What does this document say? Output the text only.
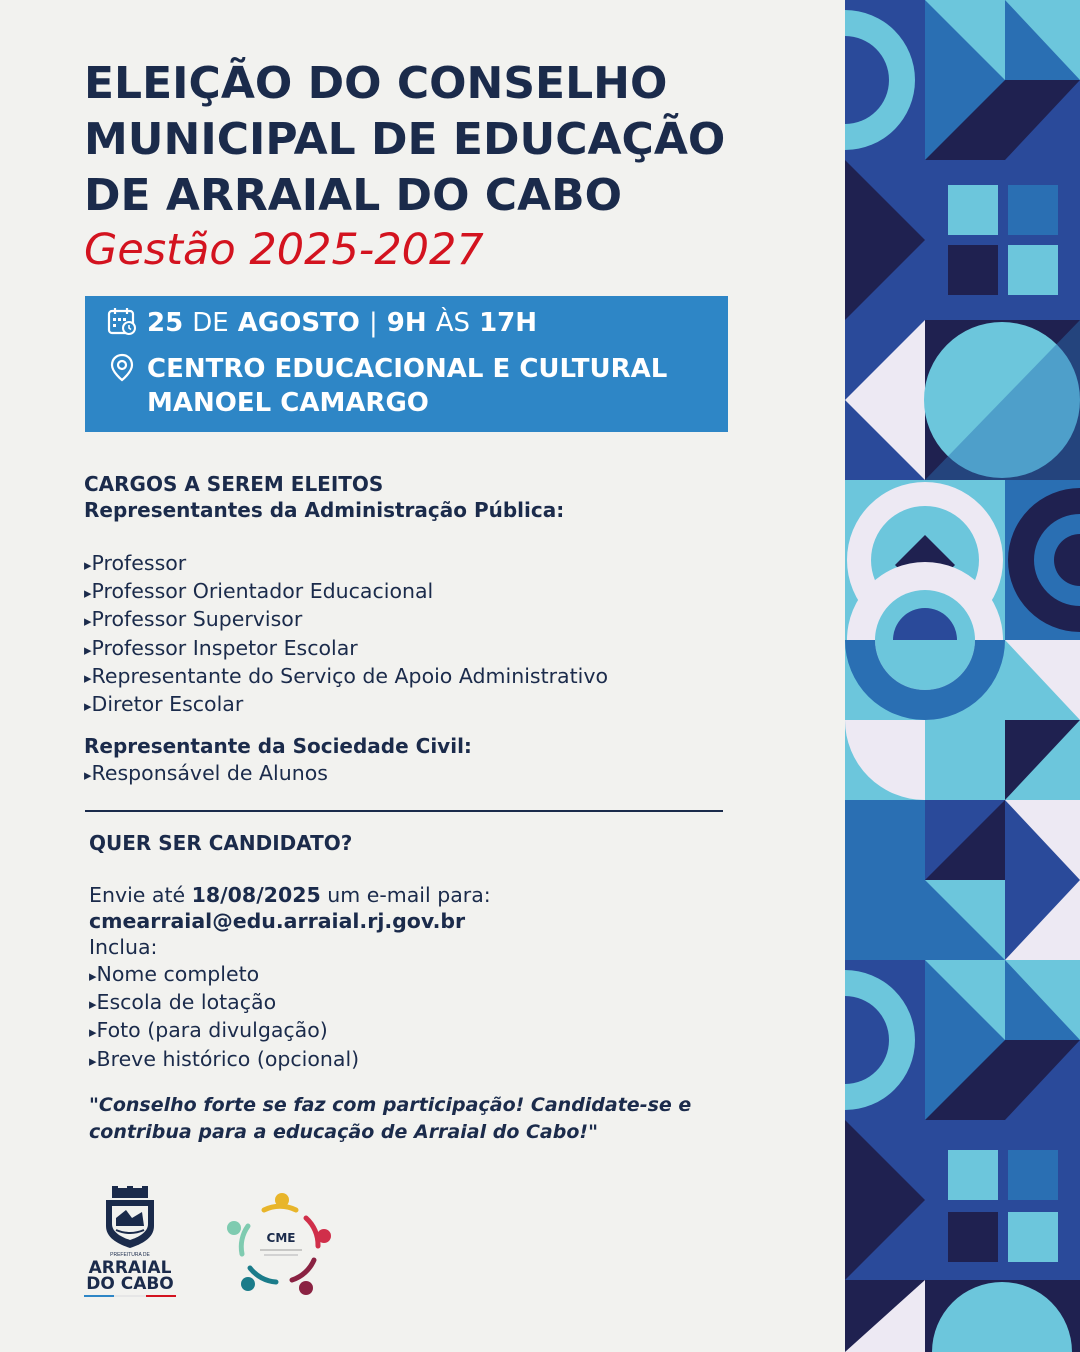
ELEIÇÃO DO CONSELHO

MUNICIPAL DE EDUCAÇÃO

DE ARRAIAL DO CABO

Gestão 2025-2027

25 DE AGOSTO | 9H ÀS 17H
CENTRO EDUCACIONAL E CULTURAL
MANOEL CAMARGO
CARGOS A SEREM ELEITOS
Representantes da Administração Pública:
▸ Professor
▸ Professor Orientador Educacional
▸ Professor Supervisor
▸ Professor Inspetor Escolar
▸ Representante do Serviço de Apoio Administrativo
▸ Diretor Escolar
Representante da Sociedade Civil:
▸ Responsável de Alunos
QUER SER CANDIDATO?
Envie até 18/08/2025 um e-mail para:
cmearraial@edu.arraial.rj.gov.br
Inclua:
▸ Nome completo
▸ Escola de lotação
▸ Foto (para divulgação)
▸ Breve histórico (opcional)
"Conselho forte se faz com participação! Candidate-se e
contribua para a educação de Arraial do Cabo!"
PREFEITURA DE
ARRAIAL
DO CABO
CME
